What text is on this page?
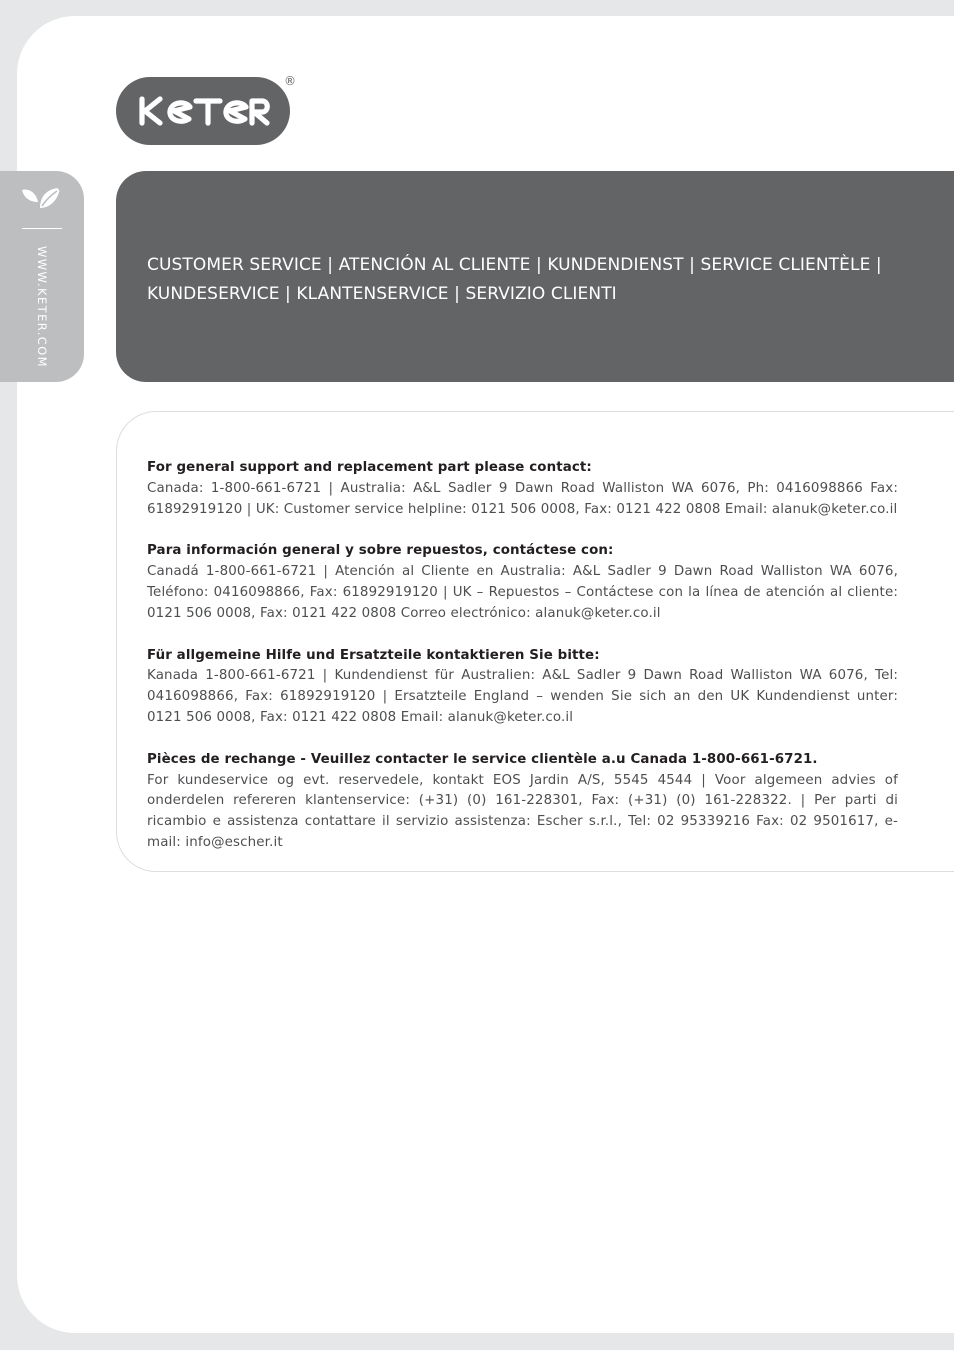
WWW.KETER.COM
®
CUSTOMER SERVICE | ATENCIÓN AL CLIENTE | KUNDENDIENST | SERVICE CLIENTÈLE | KUNDESERVICE | KLANTENSERVICE | SERVIZIO CLIENTI
For general support and replacement part please contact:
Canada: 1-800-661-6721 | Australia: A&L Sadler 9 Dawn Road Walliston WA 6076, Ph: 0416098866 Fax: 61892919120 | UK: Customer service helpline: 0121 506 0008, Fax: 0121 422 0808 Email: alanuk@keter.co.il
Para información general y sobre repuestos, contáctese con:
Canadá 1-800-661-6721 | Atención al Cliente en Australia: A&L Sadler 9 Dawn Road Walliston WA 6076, Teléfono: 0416098866, Fax: 61892919120 | UK – Repuestos – Contáctese con la línea de atención al cliente: 0121 506 0008, Fax: 0121 422 0808 Correo electrónico: alanuk@keter.co.il
Für allgemeine Hilfe und Ersatzteile kontaktieren Sie bitte:
Kanada 1-800-661-6721 | Kundendienst für Australien: A&L Sadler 9 Dawn Road Walliston WA 6076, Tel: 0416098866, Fax: 61892919120 | Ersatzteile England – wenden Sie sich an den UK Kundendienst unter: 0121 506 0008, Fax: 0121 422 0808 Email: alanuk@keter.co.il
Pièces de rechange - Veuillez contacter le service clientèle a.u Canada 1-800-661-6721.
For kundeservice og evt. reservedele, kontakt EOS Jardin A/S, 5545 4544 | Voor algemeen advies of onderdelen refereren klantenservice: (+31) (0) 161-228301, Fax: (+31) (0) 161-228322. | Per parti di ricambio e assistenza contattare il servizio assistenza: Escher s.r.l., Tel: 02 95339216 Fax: 02 9501617, e-mail: info@escher.it
